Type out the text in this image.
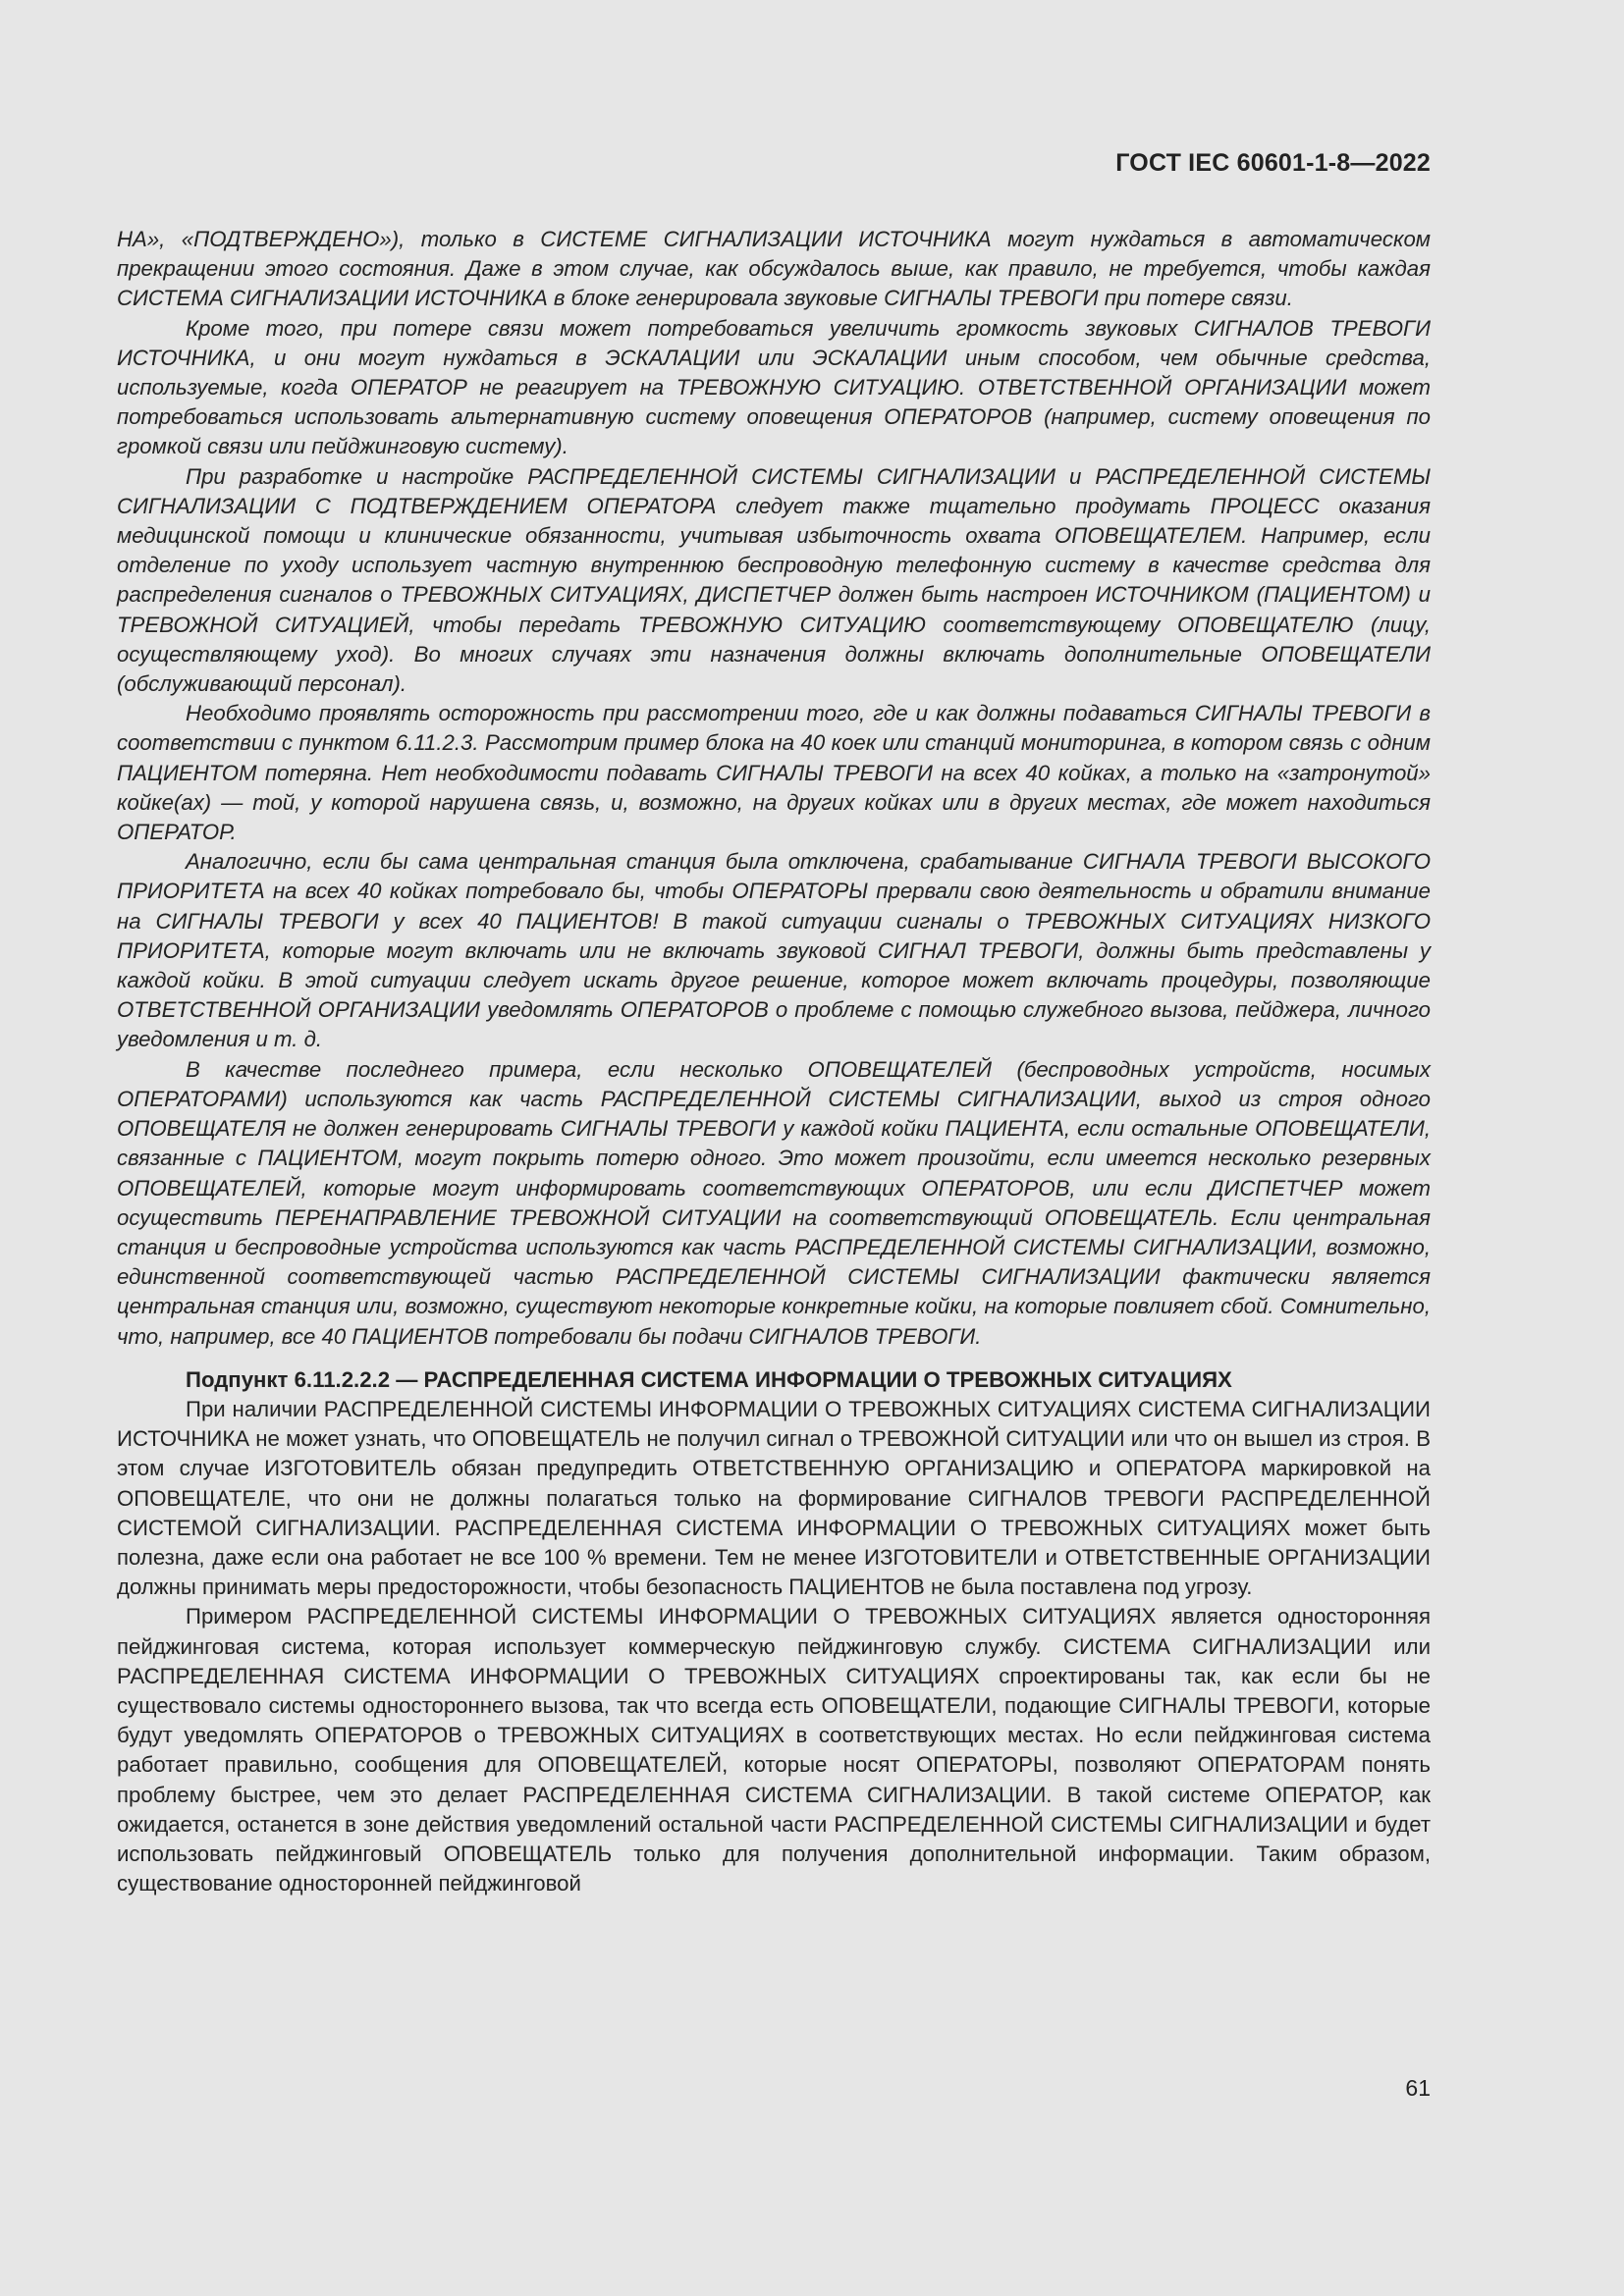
ГОСТ IEC 60601-1-8—2022

НА», «ПОДТВЕРЖДЕНО»), только в СИСТЕМЕ СИГНАЛИЗАЦИИ ИСТОЧНИКА могут нуждаться в автоматическом прекращении этого состояния. Даже в этом случае, как обсуждалось выше, как правило, не требуется, чтобы каждая СИСТЕМА СИГНАЛИЗАЦИИ ИСТОЧНИКА в блоке генерировала звуковые СИГНАЛЫ ТРЕВОГИ при потере связи.

Кроме того, при потере связи может потребоваться увеличить громкость звуковых СИГНАЛОВ ТРЕВОГИ ИСТОЧНИКА, и они могут нуждаться в ЭСКАЛАЦИИ или ЭСКАЛАЦИИ иным способом, чем обычные средства, используемые, когда ОПЕРАТОР не реагирует на ТРЕВОЖНУЮ СИТУАЦИЮ. ОТВЕТСТВЕННОЙ ОРГАНИЗАЦИИ может потребоваться использовать альтернативную систему оповещения ОПЕРАТОРОВ (например, систему оповещения по громкой связи или пейджинговую систему).

При разработке и настройке РАСПРЕДЕЛЕННОЙ СИСТЕМЫ СИГНАЛИЗАЦИИ и РАСПРЕДЕЛЕННОЙ СИСТЕМЫ СИГНАЛИЗАЦИИ С ПОДТВЕРЖДЕНИЕМ ОПЕРАТОРА следует также тщательно продумать ПРОЦЕСС оказания медицинской помощи и клинические обязанности, учитывая избыточность охвата ОПОВЕЩАТЕЛЕМ. Например, если отделение по уходу использует частную внутреннюю беспроводную телефонную систему в качестве средства для распределения сигналов о ТРЕВОЖНЫХ СИТУАЦИЯХ, ДИСПЕТЧЕР должен быть настроен ИСТОЧНИКОМ (ПАЦИЕНТОМ) и ТРЕВОЖНОЙ СИТУАЦИЕЙ, чтобы передать ТРЕВОЖНУЮ СИТУАЦИЮ соответствующему ОПОВЕЩАТЕЛЮ (лицу, осуществляющему уход). Во многих случаях эти назначения должны включать дополнительные ОПОВЕЩАТЕЛИ (обслуживающий персонал).

Необходимо проявлять осторожность при рассмотрении того, где и как должны подаваться СИГНАЛЫ ТРЕВОГИ в соответствии с пунктом 6.11.2.3. Рассмотрим пример блока на 40 коек или станций мониторинга, в котором связь с одним ПАЦИЕНТОМ потеряна. Нет необходимости подавать СИГНАЛЫ ТРЕВОГИ на всех 40 койках, а только на «затронутой» койке(ах) — той, у которой нарушена связь, и, возможно, на других койках или в других местах, где может находиться ОПЕРАТОР.

Аналогично, если бы сама центральная станция была отключена, срабатывание СИГНАЛА ТРЕВОГИ ВЫСОКОГО ПРИОРИТЕТА на всех 40 койках потребовало бы, чтобы ОПЕРАТОРЫ прервали свою деятельность и обратили внимание на СИГНАЛЫ ТРЕВОГИ у всех 40 ПАЦИЕНТОВ! В такой ситуации сигналы о ТРЕВОЖНЫХ СИТУАЦИЯХ НИЗКОГО ПРИОРИТЕТА, которые могут включать или не включать звуковой СИГНАЛ ТРЕВОГИ, должны быть представлены у каждой койки. В этой ситуации следует искать другое решение, которое может включать процедуры, позволяющие ОТВЕТСТВЕННОЙ ОРГАНИЗАЦИИ уведомлять ОПЕРАТОРОВ о проблеме с помощью служебного вызова, пейджера, личного уведомления и т. д.

В качестве последнего примера, если несколько ОПОВЕЩАТЕЛЕЙ (беспроводных устройств, носимых ОПЕРАТОРАМИ) используются как часть РАСПРЕДЕЛЕННОЙ СИСТЕМЫ СИГНАЛИЗАЦИИ, выход из строя одного ОПОВЕЩАТЕЛЯ не должен генерировать СИГНАЛЫ ТРЕВОГИ у каждой койки ПАЦИЕНТА, если остальные ОПОВЕЩАТЕЛИ, связанные с ПАЦИЕНТОМ, могут покрыть потерю одного. Это может произойти, если имеется несколько резервных ОПОВЕЩАТЕЛЕЙ, которые могут информировать соответствующих ОПЕРАТОРОВ, или если ДИСПЕТЧЕР может осуществить ПЕРЕНАПРАВЛЕНИЕ ТРЕВОЖНОЙ СИТУАЦИИ на соответствующий ОПОВЕЩАТЕЛЬ. Если центральная станция и беспроводные устройства используются как часть РАСПРЕДЕЛЕННОЙ СИСТЕМЫ СИГНАЛИЗАЦИИ, возможно, единственной соответствующей частью РАСПРЕДЕЛЕННОЙ СИСТЕМЫ СИГНАЛИЗАЦИИ фактически является центральная станция или, возможно, существуют некоторые конкретные койки, на которые повлияет сбой. Сомнительно, что, например, все 40 ПАЦИЕНТОВ потребовали бы подачи СИГНАЛОВ ТРЕВОГИ.

Подпункт 6.11.2.2.2 — РАСПРЕДЕЛЕННАЯ СИСТЕМА ИНФОРМАЦИИ О ТРЕВОЖНЫХ СИТУАЦИЯХ

При наличии РАСПРЕДЕЛЕННОЙ СИСТЕМЫ ИНФОРМАЦИИ О ТРЕВОЖНЫХ СИТУАЦИЯХ СИСТЕМА СИГНАЛИЗАЦИИ ИСТОЧНИКА не может узнать, что ОПОВЕЩАТЕЛЬ не получил сигнал о ТРЕВОЖНОЙ СИТУАЦИИ или что он вышел из строя. В этом случае ИЗГОТОВИТЕЛЬ обязан предупредить ОТВЕТСТВЕННУЮ ОРГАНИЗАЦИЮ и ОПЕРАТОРА маркировкой на ОПОВЕЩАТЕЛЕ, что они не должны полагаться только на формирование СИГНАЛОВ ТРЕВОГИ РАСПРЕДЕЛЕННОЙ СИСТЕМОЙ СИГНАЛИЗАЦИИ. РАСПРЕДЕЛЕННАЯ СИСТЕМА ИНФОРМАЦИИ О ТРЕВОЖНЫХ СИТУАЦИЯХ может быть полезна, даже если она работает не все 100 % времени. Тем не менее ИЗГОТОВИТЕЛИ и ОТВЕТСТВЕННЫЕ ОРГАНИЗАЦИИ должны принимать меры предосторожности, чтобы безопасность ПАЦИЕНТОВ не была поставлена под угрозу.

Примером РАСПРЕДЕЛЕННОЙ СИСТЕМЫ ИНФОРМАЦИИ О ТРЕВОЖНЫХ СИТУАЦИЯХ является односторонняя пейджинговая система, которая использует коммерческую пейджинговую службу. СИСТЕМА СИГНАЛИЗАЦИИ или РАСПРЕДЕЛЕННАЯ СИСТЕМА ИНФОРМАЦИИ О ТРЕВОЖНЫХ СИТУАЦИЯХ спроектированы так, как если бы не существовало системы одностороннего вызова, так что всегда есть ОПОВЕЩАТЕЛИ, подающие СИГНАЛЫ ТРЕВОГИ, которые будут уведомлять ОПЕРАТОРОВ о ТРЕВОЖНЫХ СИТУАЦИЯХ в соответствующих местах. Но если пейджинговая система работает правильно, сообщения для ОПОВЕЩАТЕЛЕЙ, которые носят ОПЕРАТОРЫ, позволяют ОПЕРАТОРАМ понять проблему быстрее, чем это делает РАСПРЕДЕЛЕННАЯ СИСТЕМА СИГНАЛИЗАЦИИ. В такой системе ОПЕРАТОР, как ожидается, останется в зоне действия уведомлений остальной части РАСПРЕДЕЛЕННОЙ СИСТЕМЫ СИГНАЛИЗАЦИИ и будет использовать пейджинговый ОПОВЕЩАТЕЛЬ только для получения дополнительной информации. Таким образом, существование односторонней пейджинговой

61
